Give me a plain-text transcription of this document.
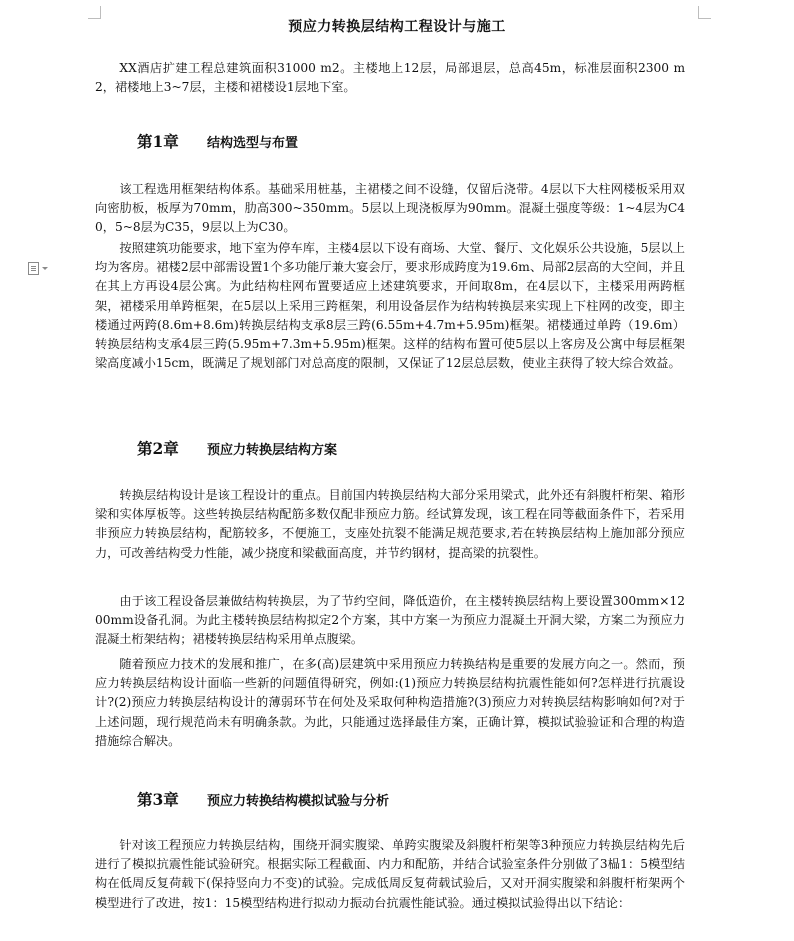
预应力转换层结构工程设计与施工

XX酒店扩建工程总建筑面积31000 m2。主楼地上12层，局部退层，总高45m，标准层面积2300 m2，裙楼地上3~7层，主楼和裙楼设1层地下室。

第1章	结构选型与布置

该工程选用框架结构体系。基础采用桩基，主裙楼之间不设缝，仅留后浇带。4层以下大柱网楼板采用双向密肋板，板厚为70mm，肋高300~350mm。5层以上现浇板厚为90mm。混凝土强度等级：1~4层为C40，5~8层为C35，9层以上为C30。

按照建筑功能要求，地下室为停车库，主楼4层以下设有商场、大堂、餐厅、文化娱乐公共设施，5层以上均为客房。裙楼2层中部需设置1个多功能厅兼大宴会厅，要求形成跨度为19.6m、局部2层高的大空间，并且在其上方再设4层公寓。为此结构柱网布置要适应上述建筑要求，开间取8m，在4层以下，主楼采用两跨框架，裙楼采用单跨框架，在5层以上采用三跨框架，利用设备层作为结构转换层来实现上下柱网的改变，即主楼通过两跨(8.6m+8.6m)转换层结构支承8层三跨(6.55m+4.7m+5.95m)框架。裙楼通过单跨（19.6m）转换层结构支承4层三跨(5.95m+7.3m+5.95m)框架。这样的结构布置可使5层以上客房及公寓中每层框架梁高度减小15cm，既满足了规划部门对总高度的限制，又保证了12层总层数，使业主获得了较大综合效益。

第2章	预应力转换层结构方案

转换层结构设计是该工程设计的重点。目前国内转换层结构大部分采用梁式，此外还有斜腹杆桁架、箱形梁和实体厚板等。这些转换层结构配筋多数仅配非预应力筋。经试算发现，该工程在同等截面条件下，若采用非预应力转换层结构，配筋较多，不便施工，支座处抗裂不能满足规范要求,若在转换层结构上施加部分预应力，可改善结构受力性能，减少挠度和梁截面高度，并节约钢材，提高梁的抗裂性。

由于该工程设备层兼做结构转换层，为了节约空间，降低造价，在主楼转换层结构上要设置300mm×1200mm设备孔洞。为此主楼转换层结构拟定2个方案，其中方案一为预应力混凝土开洞大梁，方案二为预应力混凝土桁架结构；裙楼转换层结构采用单点腹梁。

随着预应力技术的发展和推广，在多(高)层建筑中采用预应力转换结构是重要的发展方向之一。然而，预应力转换层结构设计面临一些新的问题值得研究，例如:(1)预应力转换层结构抗震性能如何?怎样进行抗震设计?(2)预应力转换层结构设计的薄弱环节在何处及采取何种构造措施?(3)预应力对转换层结构影响如何?对于上述问题，现行规范尚未有明确条款。为此，只能通过选择最佳方案，正确计算，模拟试验验证和合理的构造措施综合解决。

第3章	预应力转换结构模拟试验与分析

针对该工程预应力转换层结构，围绕开洞实腹梁、单跨实腹梁及斜腹杆桁架等3种预应力转换层结构先后进行了模拟抗震性能试验研究。根据实际工程截面、内力和配筋，并结合试验室条件分别做了3榀1：5模型结构在低周反复荷载下(保持竖向力不变)的试验。完成低周反复荷载试验后，又对开洞实腹梁和斜腹杆桁架两个模型进行了改进，按1：15模型结构进行拟动力振动台抗震性能试验。通过模拟试验得出以下结论：
